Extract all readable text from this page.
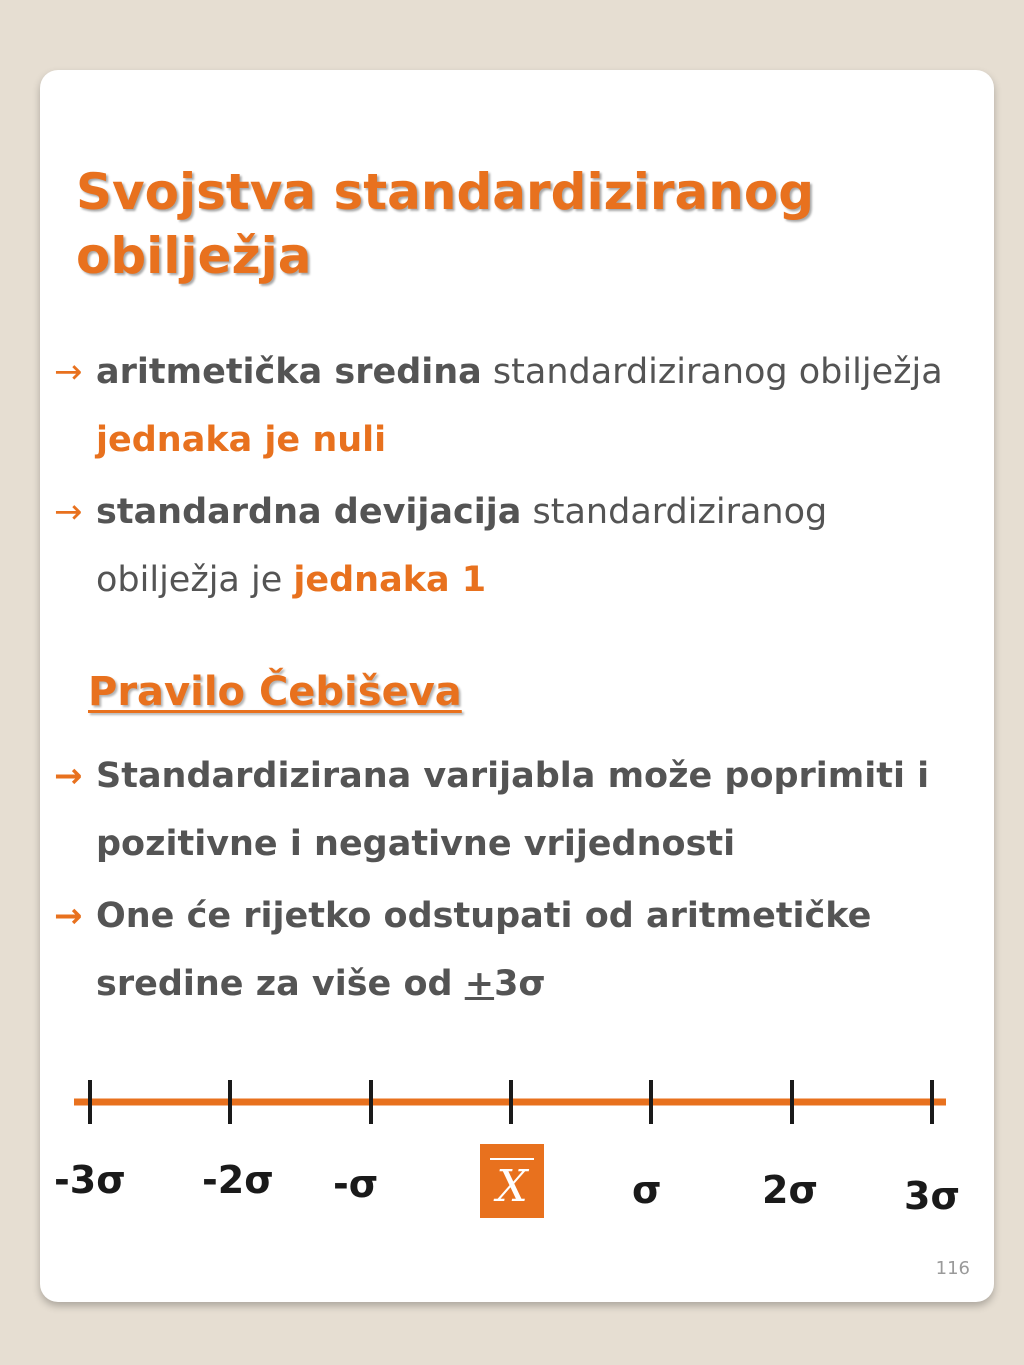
Svojstva standardiziranog obilježja
→ aritmetička sredina standardiziranog obilježja jednaka je nuli
→ standardna devijacija standardiziranog obilježja je jednaka 1
Pravilo Čebiševa
→ Standardizirana varijabla može poprimiti i pozitivne i negativne vrijednosti
→ One će rijetko odstupati od aritmetičke sredine za više od +3σ
-3σ -2σ -σ	X	σ	2σ 3σ
116
